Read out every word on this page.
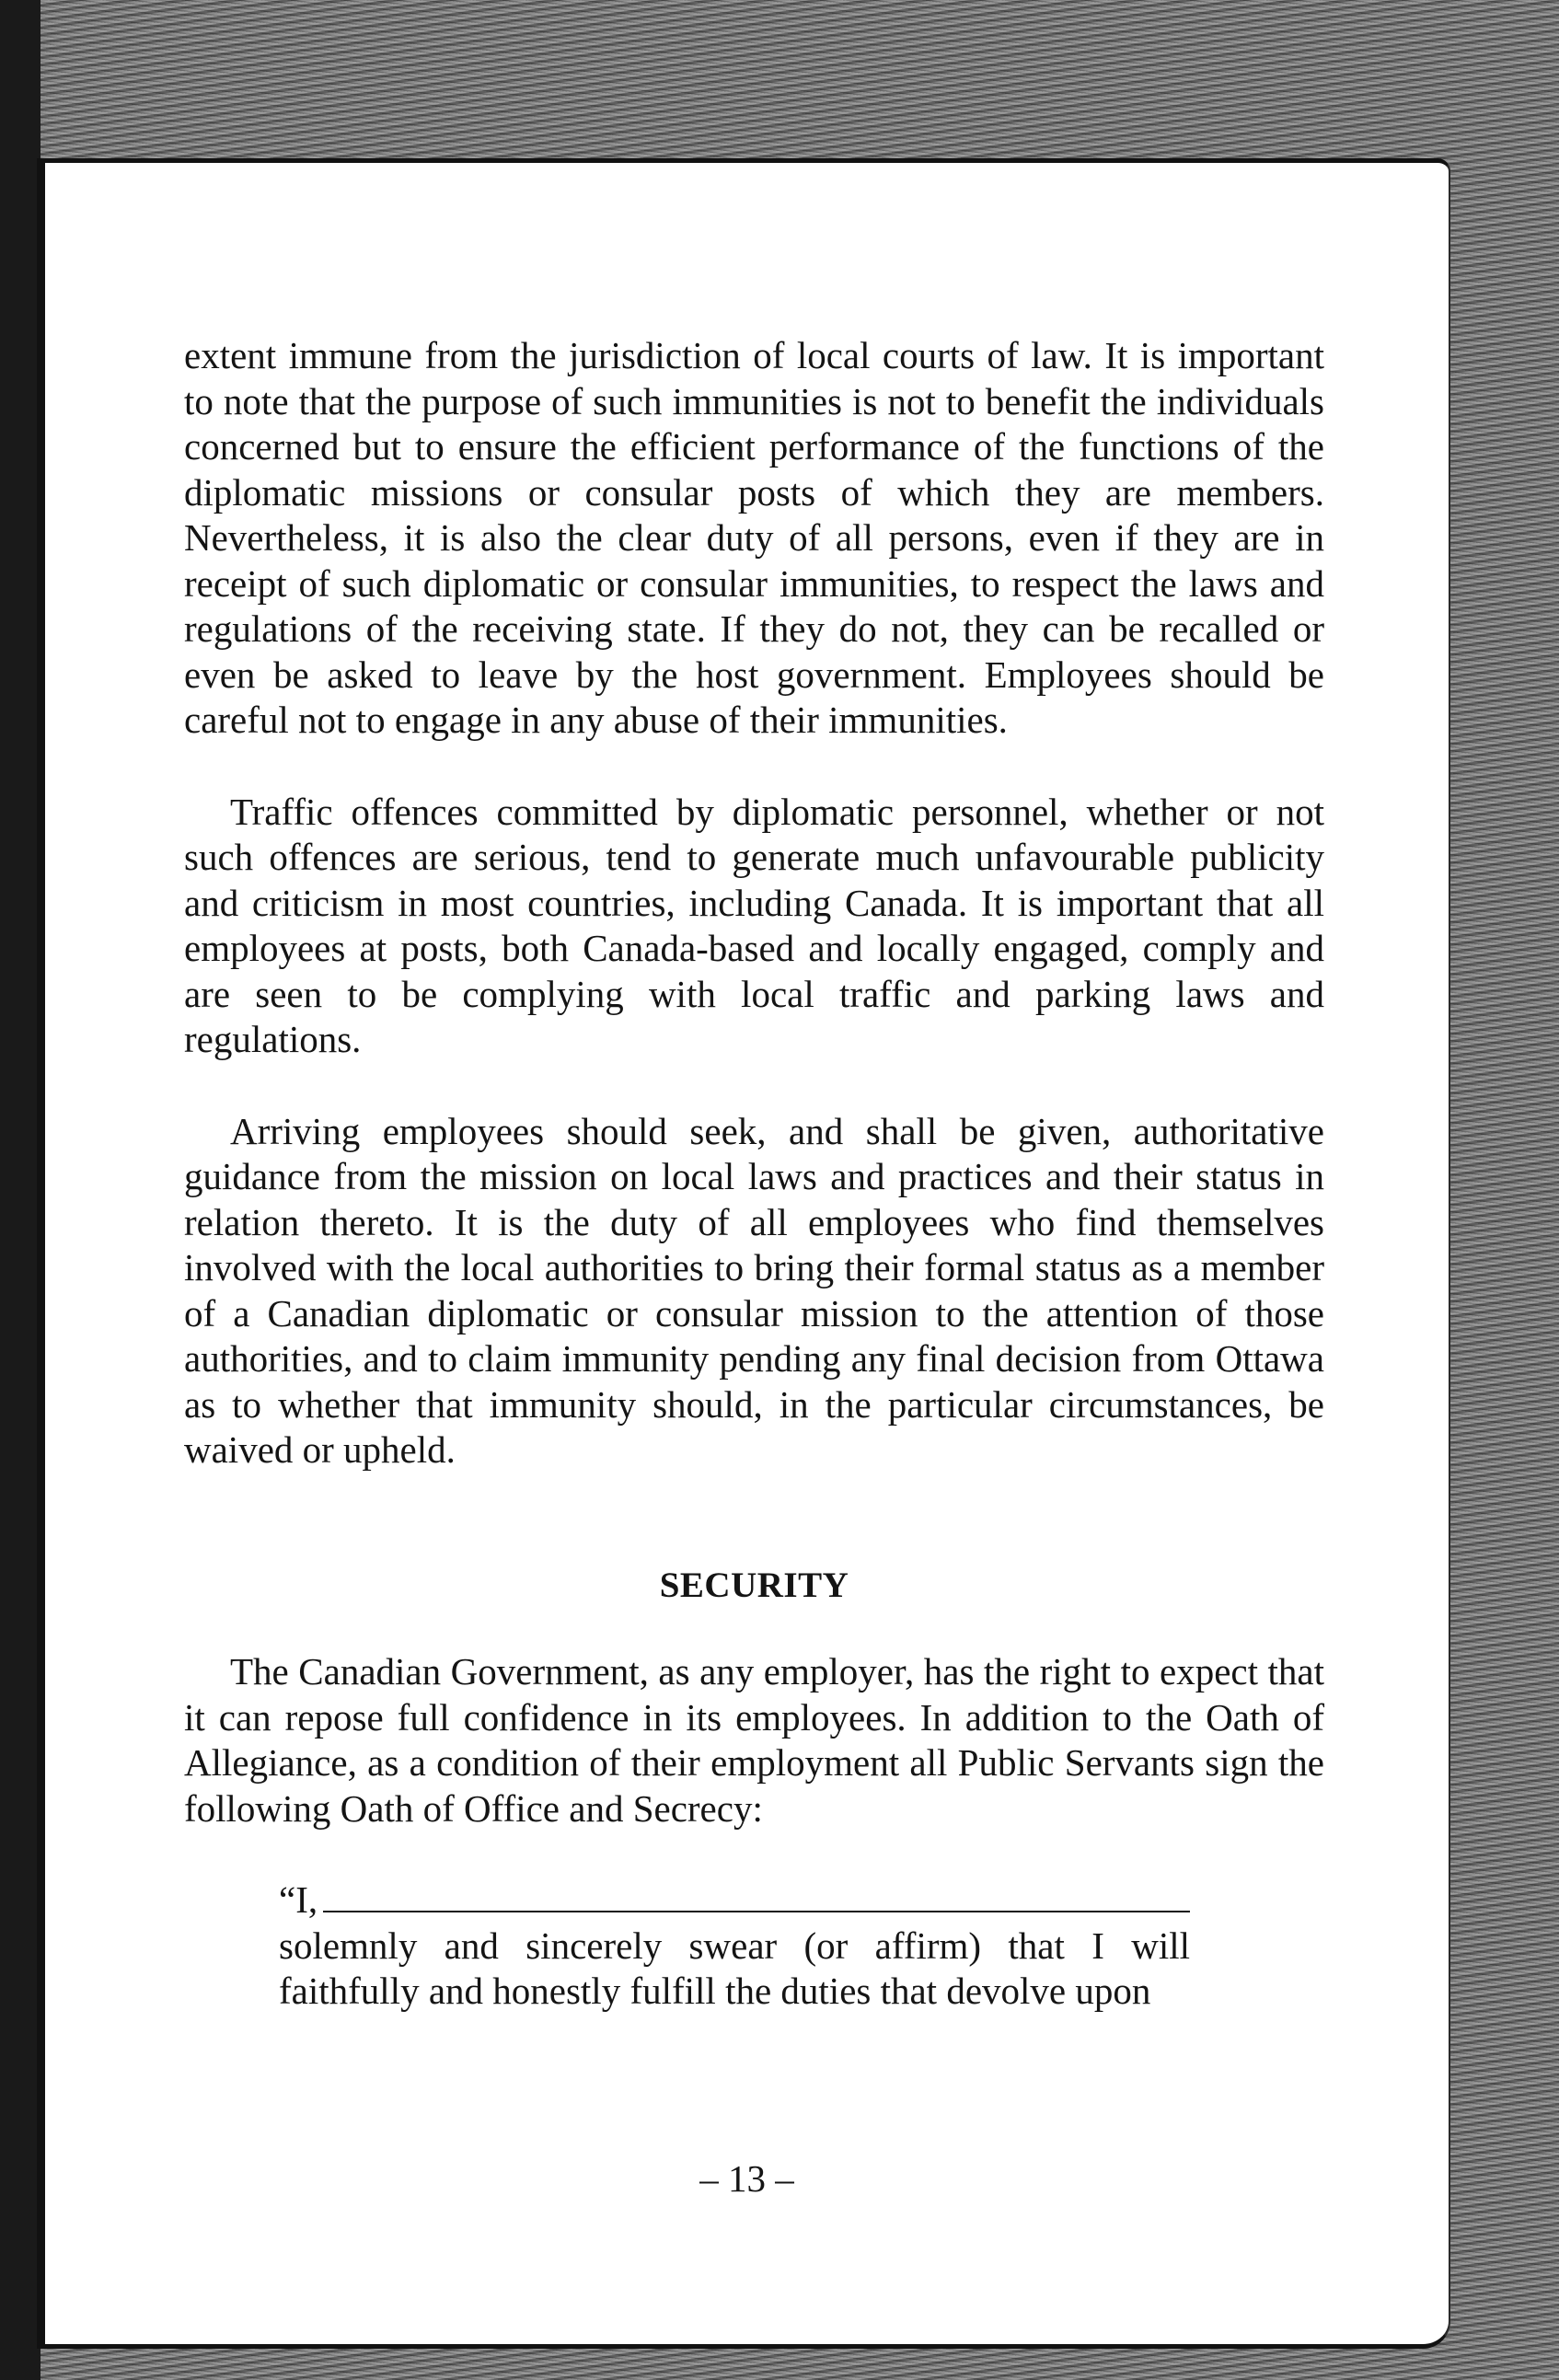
extent immune from the jurisdiction of local courts of law. It is important to note that the purpose of such immunities is not to benefit the individuals concerned but to ensure the efficient performance of the functions of the diplomatic missions or consular posts of which they are members. Nevertheless, it is also the clear duty of all persons, even if they are in receipt of such diplomatic or consular immunities, to respect the laws and regulations of the receiving state. If they do not, they can be recalled or even be asked to leave by the host government. Employees should be careful not to engage in any abuse of their immunities.

Traffic offences committed by diplomatic personnel, whether or not such offences are serious, tend to generate much unfavourable publicity and criticism in most countries, including Canada. It is important that all employees at posts, both Canada-based and locally engaged, comply and are seen to be complying with local traffic and parking laws and regulations.

Arriving employees should seek, and shall be given, authoritative guidance from the mission on local laws and practices and their status in relation thereto. It is the duty of all employees who find themselves involved with the local authorities to bring their formal status as a member of a Canadian diplomatic or consular mission to the attention of those authorities, and to claim immunity pending any final decision from Ottawa as to whether that immunity should, in the particular circumstances, be waived or upheld.

SECURITY

The Canadian Government, as any employer, has the right to expect that it can repose full confidence in its employees. In addition to the Oath of Allegiance, as a condition of their employment all Public Servants sign the following Oath of Office and Secrecy:

“I,

solemnly and sincerely swear (or affirm) that I will faithfully and honestly fulfill the duties that devolve upon

– 13 –
